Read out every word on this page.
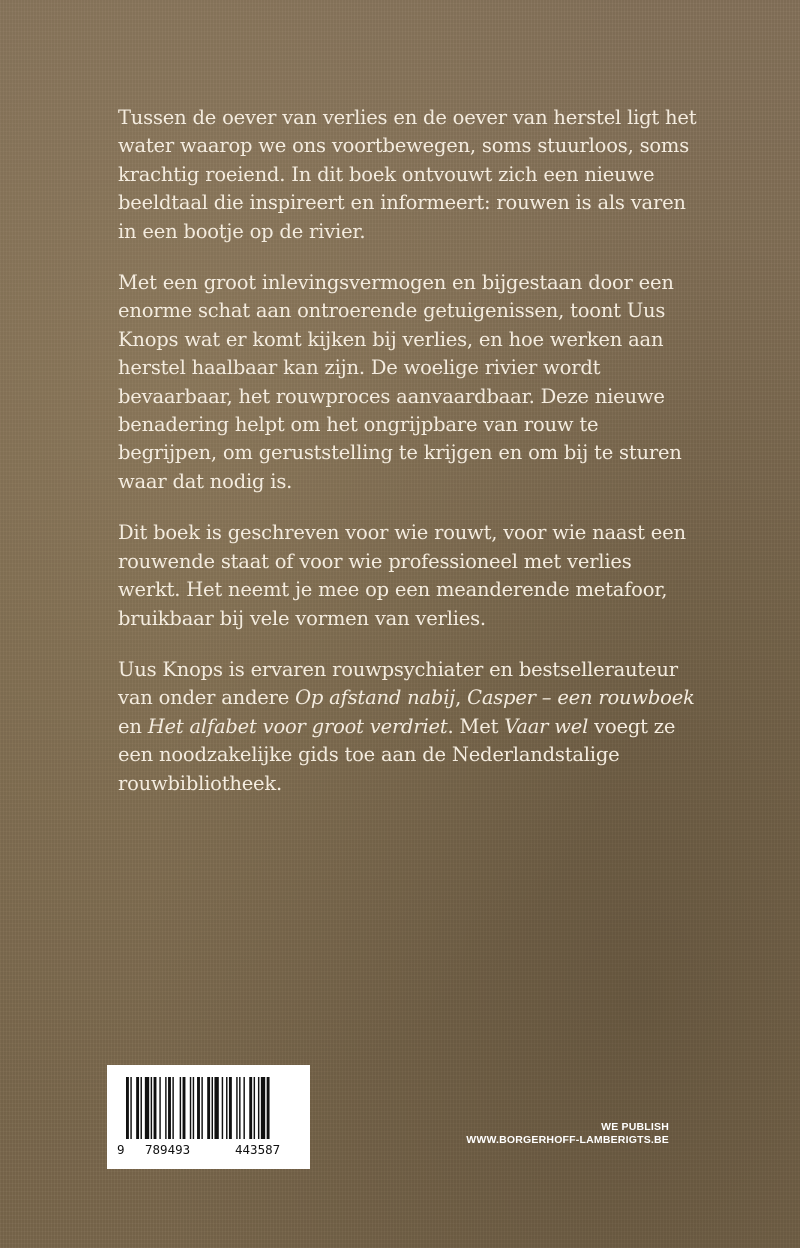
Tussen de oever van verlies en de oever van herstel ligt het water waarop we ons voortbewegen, soms stuurloos, soms krachtig roeiend. In dit boek ontvouwt zich een nieuwe beeldtaal die inspireert en informeert: rouwen is als varen in een bootje op de rivier.

Met een groot inlevingsvermogen en bijgestaan door een enorme schat aan ontroerende getuigenissen, toont Uus Knops wat er komt kijken bij verlies, en hoe werken aan herstel haalbaar kan zijn. De woelige rivier wordt bevaarbaar, het rouwproces aanvaardbaar. Deze nieuwe benadering helpt om het ongrijpbare van rouw te begrijpen, om geruststelling te krijgen en om bij te sturen waar dat nodig is.

Dit boek is geschreven voor wie rouwt, voor wie naast een rouwende staat of voor wie professioneel met verlies werkt. Het neemt je mee op een meanderende metafoor, bruikbaar bij vele vormen van verlies.

Uus Knops is ervaren rouwpsychiater en bestsellerauteur van onder andere Op afstand nabij, Casper – een rouwboek en Het alfabet voor groot verdriet. Met Vaar wel voegt ze een noodzakelijke gids toe aan de Nederlandstalige rouwbibliotheek.

9 789493	443587
WE PUBLISH
WWW.BORGERHOFF-LAMBERIGTS.BE
